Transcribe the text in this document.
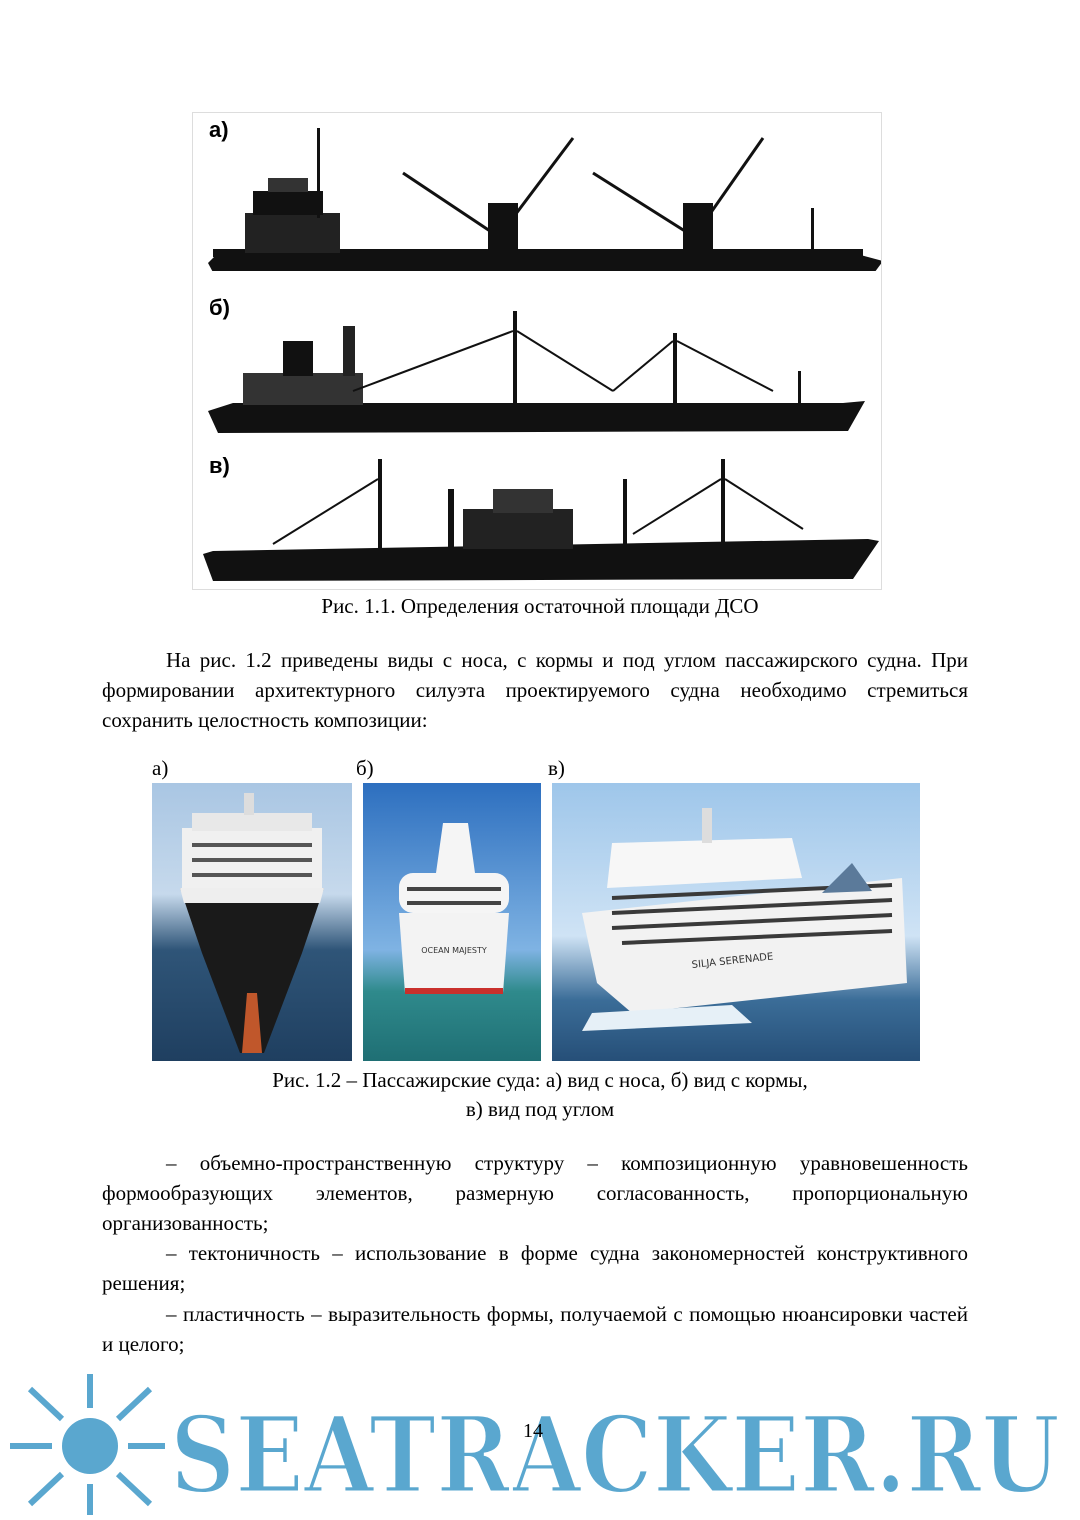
а)
б)
в)
Рис. 1.1. Определения остаточной площади ДСО
На рис. 1.2 приведены виды с носа, с кормы и под углом пассажирского судна. При формировании архитектурного силуэта проектируемого судна необходимо стремиться сохранить целостность композиции:
а)	б)	в)
OCEAN MAJESTY
SILJA SERENADE
Рис. 1.2 – Пассажирские суда: а) вид с носа, б) вид с кормы,
в) вид под углом
– объемно-пространственную структуру – композиционную уравновешенность формообразующих элементов, размерную согласованность, пропорциональную организованность;
– тектоничность – использование в форме судна закономерностей конструктивного решения;
– пластичность – выразительность формы, получаемой с помощью нюансировки частей и целого;
SEATRACKER.RU
14
